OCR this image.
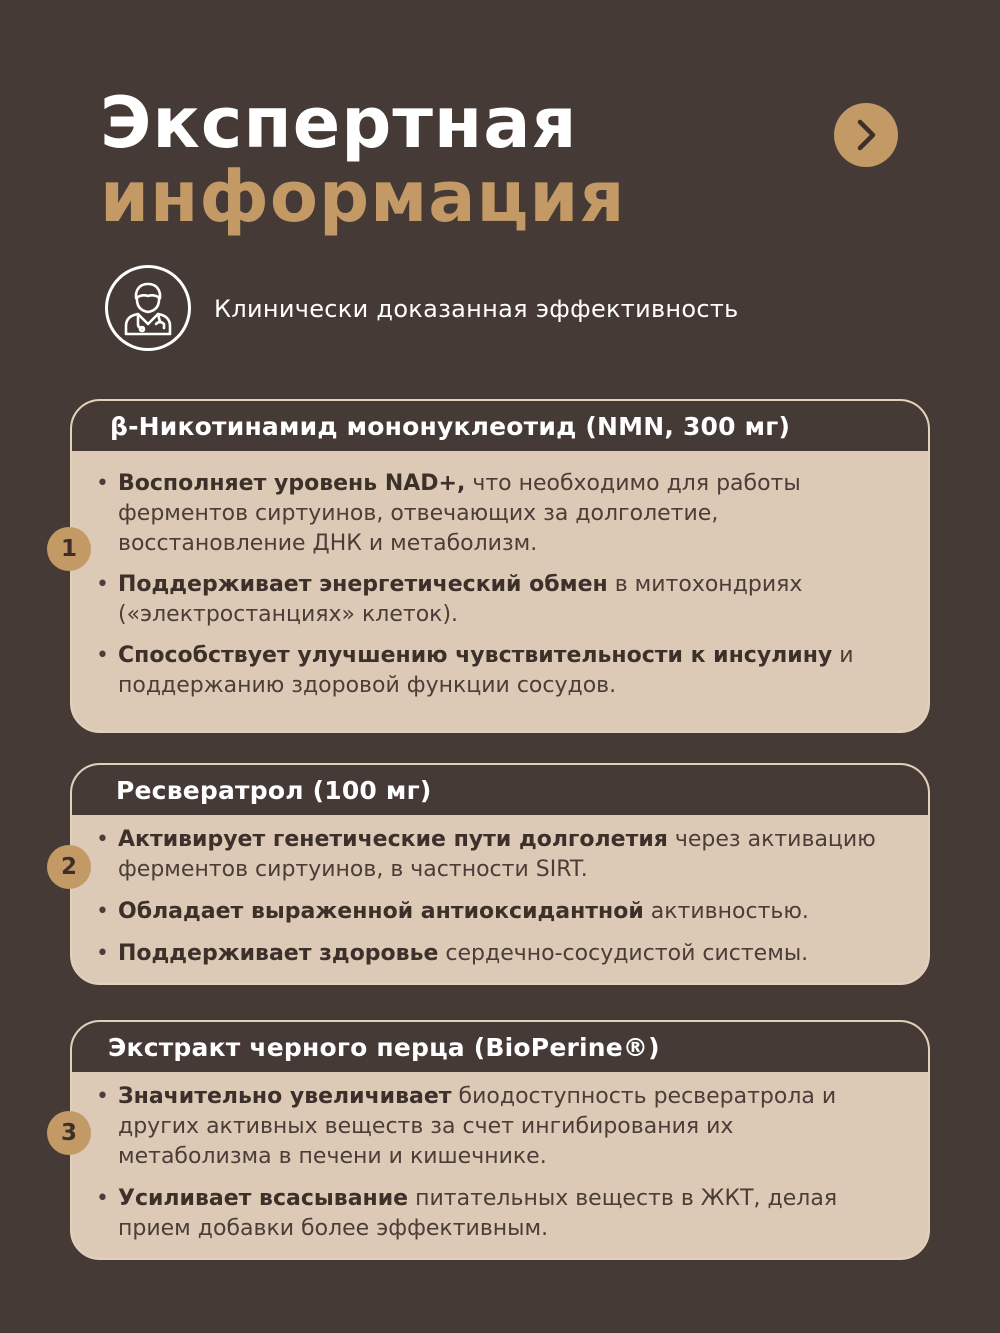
Экспертная
информация
Клинически доказанная эффективность
β-Никотинамид мононуклеотид (NMN, 300 мг)
• Восполняет уровень NAD+, что необходимо для работы ферментов сиртуинов, отвечающих за долголетие, восстановление ДНК и метаболизм.
• Поддерживает энергетический обмен в митохондриях («электростанциях» клеток).
• Способствует улучшению чувствительности к инсулину и поддержанию здоровой функции сосудов.
1
Ресвератрол (100 мг)
• Активирует генетические пути долголетия через активацию ферментов сиртуинов, в частности SIRT.
• Обладает выраженной антиоксидантной активностью.
• Поддерживает здоровье сердечно-сосудистой системы.
2
Экстракт черного перца (BioPerine®)
• Значительно увеличивает биодоступность ресвератрола и других активных веществ за счет ингибирования их метаболизма в печени и кишечнике.
• Усиливает всасывание питательных веществ в ЖКТ, делая прием добавки более эффективным.
3
